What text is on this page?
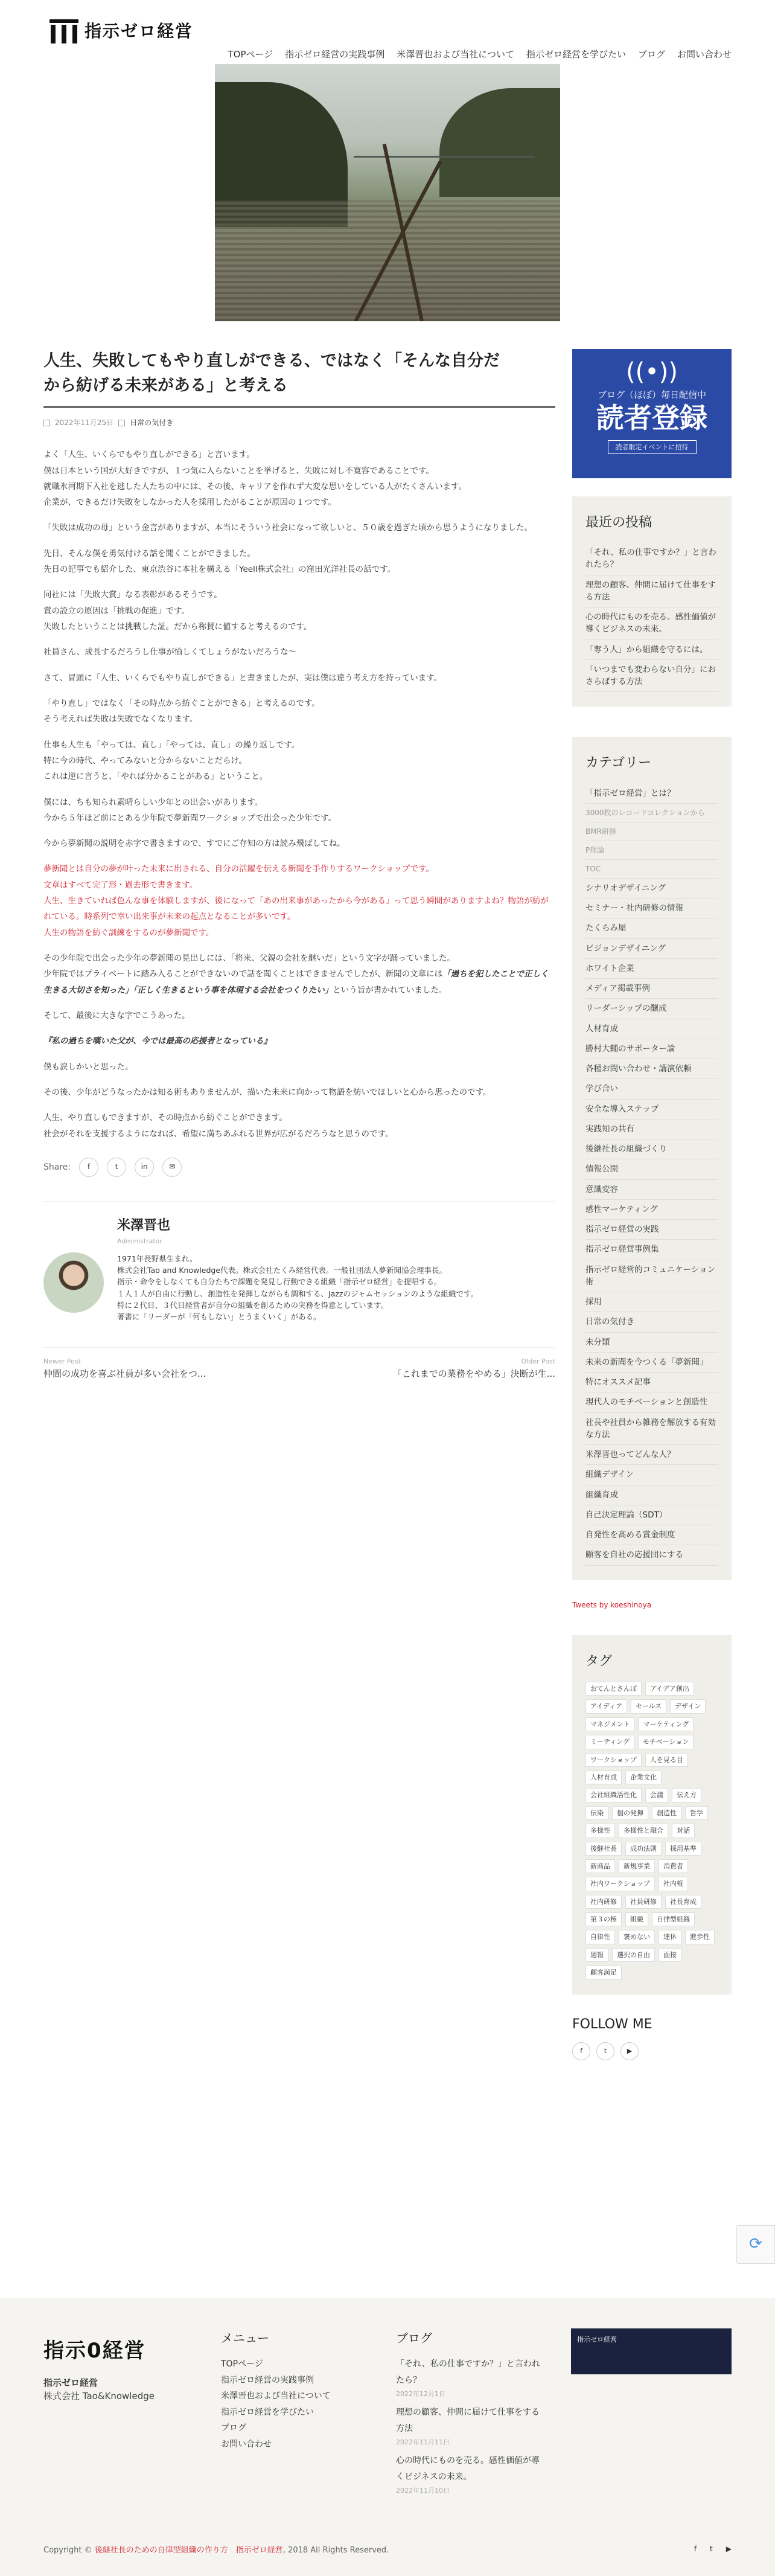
指示ゼロ経営
TOPページ 指示ゼロ経営の実践事例 米澤晋也および当社について 指示ゼロ経営を学びたい ブログ お問い合わせ
人生、失敗してもやり直しができる、ではなく「そんな自分だ
から紡げる未来がある」と考える
2022年11月25日 日常の気付き

よく「人生、いくらでもやり直しができる」と言います。
僕は日本という国が大好きですが、１つ気に入らないことを挙げると、失敗に対し不寛容であることです。
就職氷河期下入社を逃した人たちの中には、その後、キャリアを作れず大変な思いをしている人がたくさんいます。
企業が、できるだけ失敗をしなかった人を採用したがることが原因の１つです。

「失敗は成功の母」という金言がありますが、本当にそういう社会になって欲しいと、５０歳を過ぎた頃から思うようになりました。

先日、そんな僕を勇気付ける話を聞くことができました。
先日の記事でも紹介した、東京渋谷に本社を構える「Yeell株式会社」の窪田光洋社長の話です。

同社には「失敗大賞」なる表彰があるそうです。
賞の設立の原因は「挑戦の促進」です。
失敗したということは挑戦した証。だから称賛に値すると考えるのです。

社員さん、成長するだろうし仕事が愉しくてしょうがないだろうな〜

さて、冒頭に「人生、いくらでもやり直しができる」と書きましたが、実は僕は違う考え方を持っています。

「やり直し」ではなく「その時点から紡ぐことができる」と考えるのです。
そう考えれば失敗は失敗でなくなります。

仕事も人生も「やっては、直し」「やっては、直し」の繰り返しです。
特に今の時代、やってみないと分からないことだらけ。
これは逆に言うと、「やれば分かることがある」ということ。

僕には、ちも知られ素晴らしい少年との出会いがあります。
今から５年ほど前にとある少年院で夢新聞ワークショップで出会った少年です。

今から夢新聞の説明を赤字で書きますので、すでにご存知の方は読み飛ばしてね。

夢新聞とは自分の夢が叶った未来に出される、自分の活躍を伝える新聞を手作りするワークショップです。
文章はすべて完了形・過去形で書きます。
人生、生きていれば色んな事を体験しますが、後になって「あの出来事があったから今がある」って思う瞬間がありますよね？物語が紡がれている。時系列で幸い出来事が未来の起点となることが多いです。
人生の物語を紡ぐ訓練をするのが夢新聞です。

その少年院で出会った少年の夢新聞の見出しには、「将来、父親の会社を継いだ」という文字が踊っていました。
少年院ではプライベートに踏み入ることができないので話を聞くことはできませんでしたが、新聞の文章には「過ちを犯したことで正しく生きる大切さを知った」「正しく生きるという事を体現する会社をつくりたい」という旨が書かれていました。

そして、最後に大きな字でこうあった。

『私の過ちを嘆いた父が、今では最高の応援者となっている』

僕も涙しかいと思った。

その後、少年がどうなったかは知る術もありませんが、描いた未来に向かって物語を紡いでほしいと心から思ったのです。

人生、やり直しもできますが、その時点から紡ぐことができます。
社会がそれを支援するようになれば、希望に満ちあふれる世界が広がるだろうなと思うのです。

Share:	f	t	in	✉
米澤晋也
Administrator
1971年長野県生まれ。
株式会社Tao and Knowledge代表。株式会社たくみ経営代表。一般社団法人夢新聞協会理事長。
指示・命令をしなくても自分たちで課題を発見し行動できる組織「指示ゼロ経営」を提唱する。
１人１人が自由に行動し、創造性を発揮しながらも調和する、Jazzのジャムセッションのような組織です。
特に２代目、３代目経営者が自分の組織を創るための実務を得意としています。
著書に「リーダーが「何もしない」とうまくいく」がある。
Newer Post
仲間の成功を喜ぶ社員が多い会社をつ...
Older Post
「これまでの業務をやめる」決断が生...
((•))
ブログ（ほぼ）毎日配信中
読者登録
読者限定イベントに招待
最近の投稿
「それ、私の仕事ですか？」と言われたら？
理想の顧客、仲間に届けて仕事をする方法
心の時代にものを売る。感性価値が導くビジネスの未来。
「奪う人」から組織を守るには。
「いつまでも変わらない自分」におさらばする方法
カテゴリー
「指示ゼロ経営」とは？
3000枚のレコードコレクションから
BMR研修
P理論
TOC
シナリオデザイニング
セミナー・社内研修の情報
たくらみ屋
ビジョンデザイニング
ホワイト企業
メディア掲載事例
リーダーシップの醸成
人材育成
勝村大輔のサポーター論
各種お問い合わせ・講演依頼
学び合い
安全な導入ステップ
実践知の共有
後継社長の組織づくり
情報公開
意識変容
感性マーケティング
指示ゼロ経営の実践
指示ゼロ経営事例集
指示ゼロ経営的コミュニケーション術
採用
日常の気付き
未分類
未来の新聞を今つくる「夢新聞」
特にオススメ記事
現代人のモチベーションと創造性
社長や社員から雑務を解放する有効な方法
米澤晋也ってどんな人？
組織デザイン
組織育成
自己決定理論（SDT）
自発性を高める賞金制度
顧客を自社の応援団にする
Tweets by koeshinoya
タグ
おてんとさんぽ	アイデア創出
アイディア	セールス	デザイン
マネジメント	マーケティング
ミーティング	モチベーション
ワークショップ	人を見る目
人材育成	企業文化
会社組織活性化	会議	伝え方
伝染	個の発揮	創造性	哲学
多様性	多様性と融合	対話
後継社長	成功法則	採用基準
新商品	新規事業	消費者
社内ワークショップ	社内報
社内研修	社員研修	社長育成
第３の極	組織	自律型組織
自律性	褒めない	連休	進歩性
週報	選択の自由	面接
顧客満足
FOLLOW ME
f	t	▶
⟳
指示0経営
指示ゼロ経営
株式会社 Tao&Knowledge
メニュー
TOPページ
指示ゼロ経営の実践事例
米澤晋也および当社について
指示ゼロ経営を学びたい
ブログ
お問い合わせ
ブログ
「それ、私の仕事ですか？」と言われたら？
2022年12月1日
理想の顧客、仲間に届けて仕事をする方法
2022年11月11日
心の時代にものを売る。感性価値が導くビジネスの未来。
2022年11月10日
指示ゼロ経営
Copyright © 後継社長のための自律型組織の作り方　指示ゼロ経営, 2018 All Rights Reserved.	f t ▶
